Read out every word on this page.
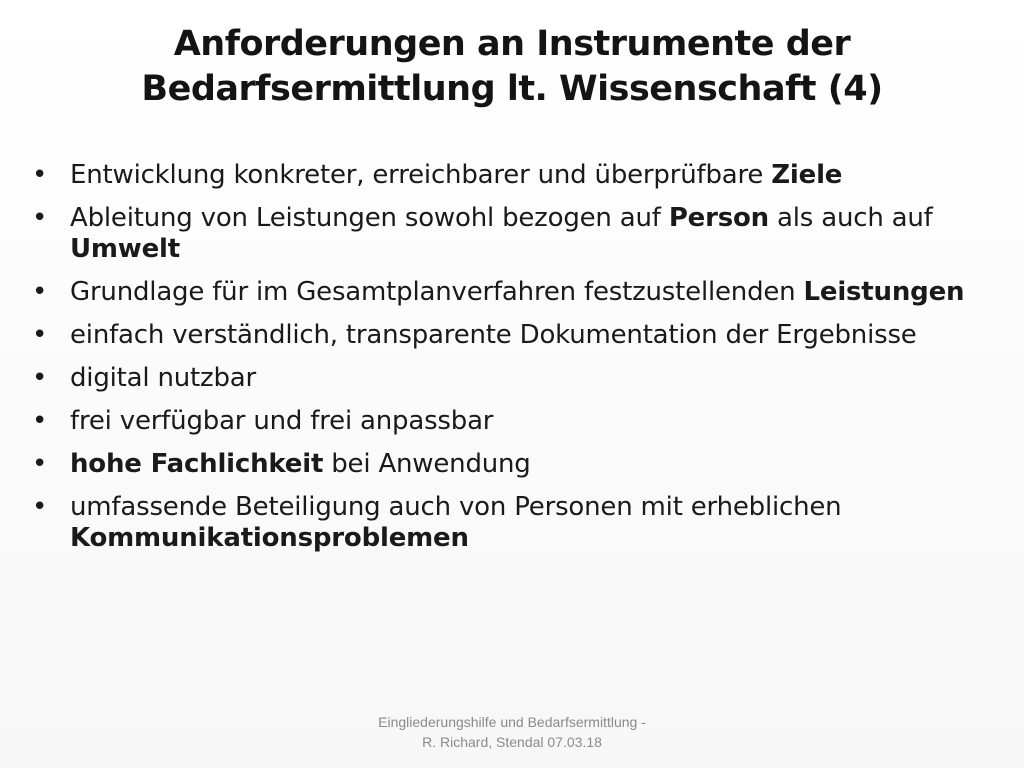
Anforderungen an Instrumente der
Bedarfsermittlung lt. Wissenschaft (4)
• Entwicklung konkreter, erreichbarer und überprüfbare Ziele
• Ableitung von Leistungen sowohl bezogen auf Person als auch auf Umwelt
• Grundlage für im Gesamtplanverfahren festzustellenden Leistungen
• einfach verständlich, transparente Dokumentation der Ergebnisse
• digital nutzbar
• frei verfügbar und frei anpassbar
• hohe Fachlichkeit bei Anwendung
• umfassende Beteiligung auch von Personen mit erheblichen Kommunikationsproblemen
Eingliederungshilfe und Bedarfsermittlung -
R. Richard, Stendal 07.03.18
